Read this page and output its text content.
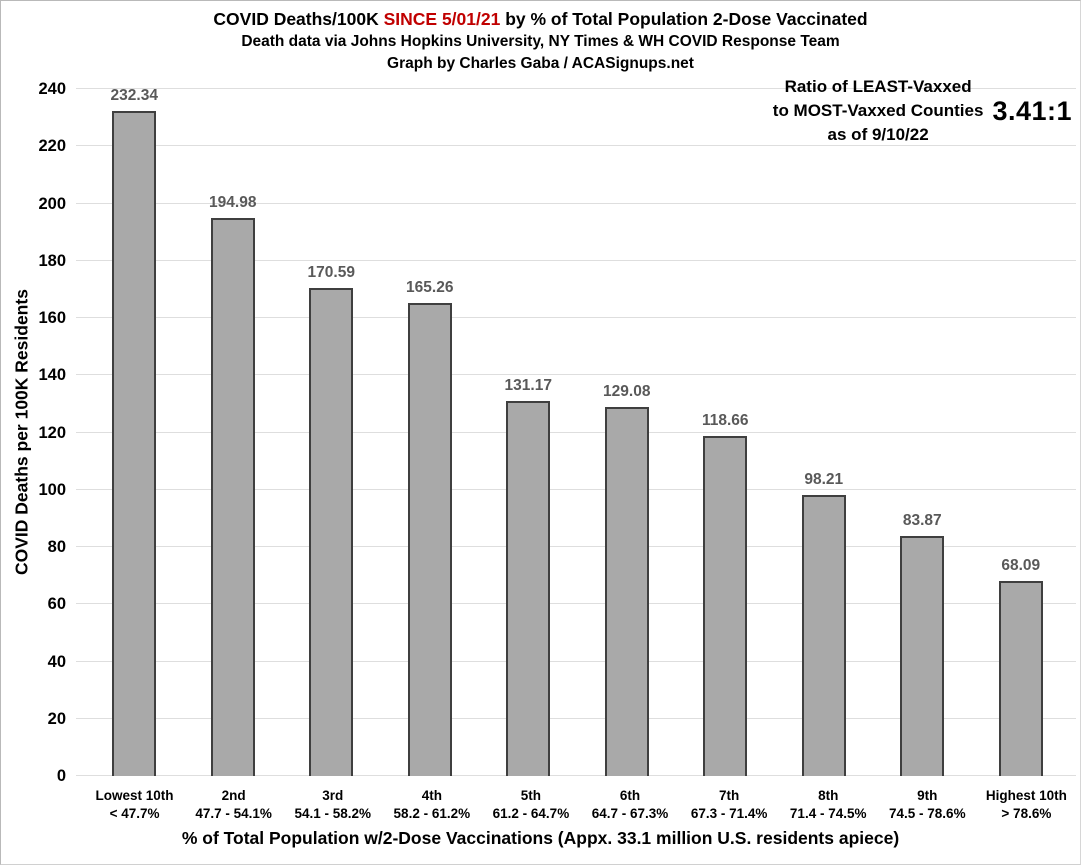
COVID Deaths/100K SINCE 5/01/21 by % of Total Population 2-Dose Vaccinated
Death data via Johns Hopkins University, NY Times & WH COVID Response Team
Graph by Charles Gaba / ACASignups.net
Ratio of LEAST-Vaxxed
to MOST-Vaxxed Counties
as of 9/10/22
3.41:1
COVID Deaths per 100K Residents
232.34
194.98
170.59
165.26
131.17	129.08
118.66
98.21
83.87
68.09
0
20
40
60
80
100
120
140
160
180
200
220
240
Lowest 10th
< 47.7%
2nd
47.7 - 54.1%
3rd
54.1 - 58.2%
4th
58.2 - 61.2%
5th
61.2 - 64.7%
6th
64.7 - 67.3%
7th
67.3 - 71.4%
8th
71.4 - 74.5%
9th
74.5 - 78.6%
Highest 10th
> 78.6%
% of Total Population w/2-Dose Vaccinations (Appx. 33.1 million U.S. residents apiece)
